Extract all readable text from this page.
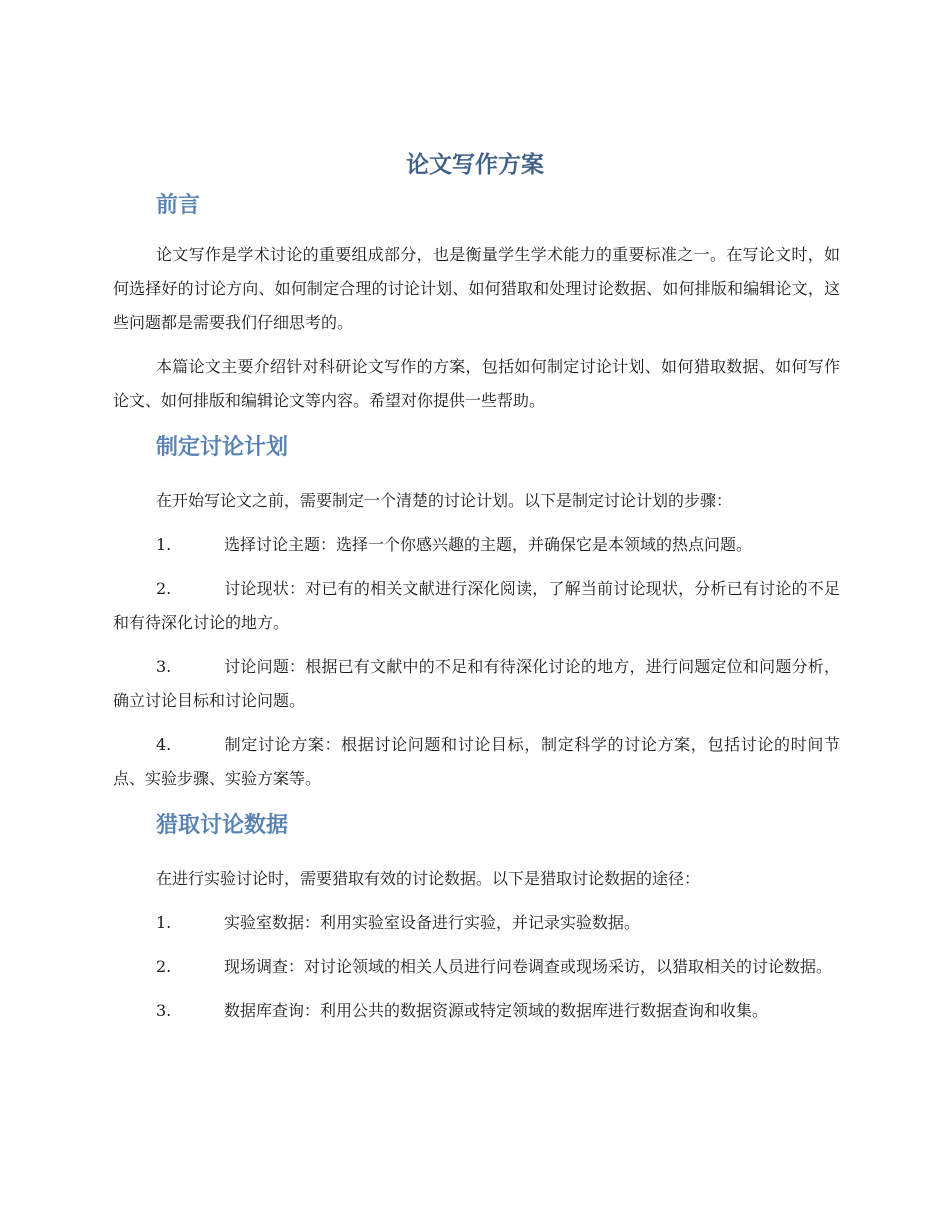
论文写作方案
前言

论文写作是学术讨论的重要组成部分，也是衡量学生学术能力的重要标准之一。在写论文时，如何选择好的讨论方向、如何制定合理的讨论计划、如何猎取和处理讨论数据、如何排版和编辑论文，这些问题都是需要我们仔细思考的。

本篇论文主要介绍针对科研论文写作的方案，包括如何制定讨论计划、如何猎取数据、如何写作论文、如何排版和编辑论文等内容。希望对你提供一些帮助。

制定讨论计划

在开始写论文之前，需要制定一个清楚的讨论计划。以下是制定讨论计划的步骤：

1.	选择讨论主题：选择一个你感兴趣的主题，并确保它是本领域的热点问题。

2.	讨论现状：对已有的相关文献进行深化阅读，了解当前讨论现状，分析已有讨论的不足和有待深化讨论的地方。

3.	讨论问题：根据已有文献中的不足和有待深化讨论的地方，进行问题定位和问题分析，确立讨论目标和讨论问题。

4.	制定讨论方案：根据讨论问题和讨论目标，制定科学的讨论方案，包括讨论的时间节点、实验步骤、实验方案等。

猎取讨论数据

在进行实验讨论时，需要猎取有效的讨论数据。以下是猎取讨论数据的途径：

1.	实验室数据：利用实验室设备进行实验，并记录实验数据。

2.	现场调查：对讨论领域的相关人员进行问卷调查或现场采访，以猎取相关的讨论数据。

3.	数据库查询：利用公共的数据资源或特定领域的数据库进行数据查询和收集。
